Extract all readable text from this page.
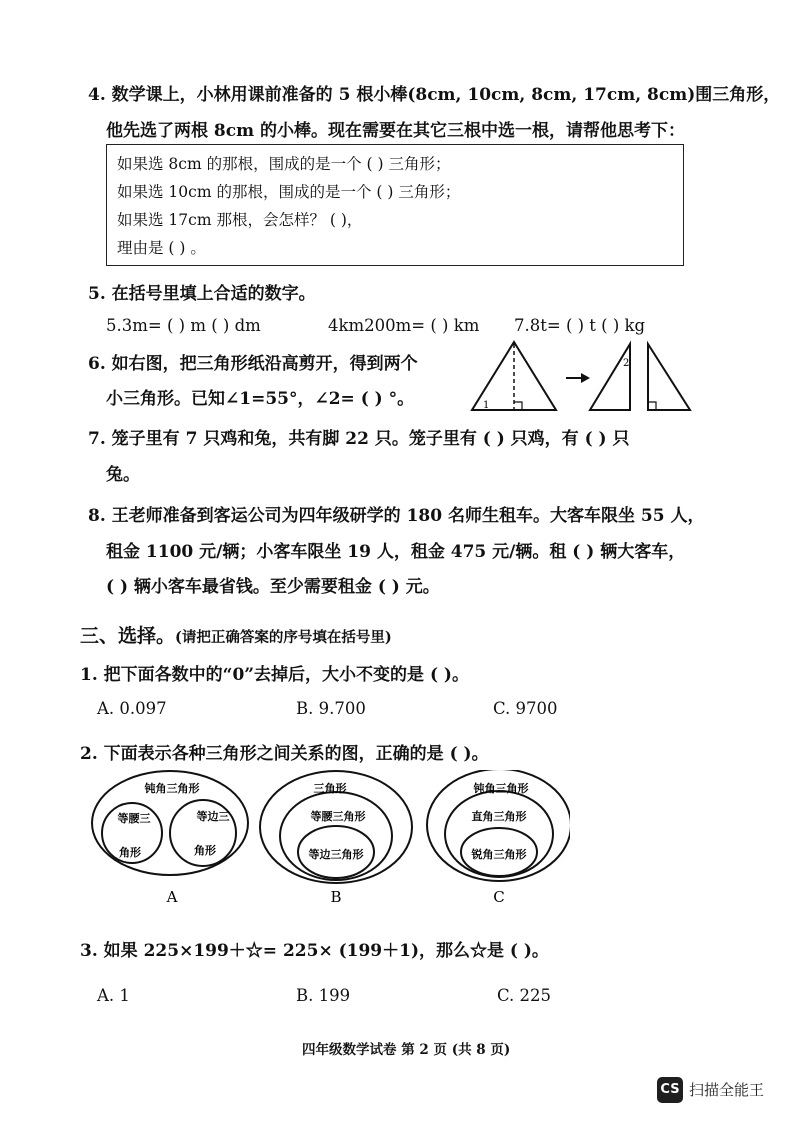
4. 数学课上，小林用课前准备的 5 根小棒(8cm, 10cm, 8cm, 17cm, 8cm)围三角形，
他先选了两根 8cm 的小棒。现在需要在其它三根中选一根，请帮他思考下：
如果选 8cm 的那根，围成的是一个 ( ) 三角形；
如果选 10cm 的那根，围成的是一个 ( ) 三角形；
如果选 17cm 那根，会怎样？ ( )，
理由是 ( ) 。
5. 在括号里填上合适的数字。
5.3m= ( ) m ( ) dm	4km200m= ( ) km 7.8t= ( ) t ( ) kg
6. 如右图，把三角形纸沿高剪开，得到两个
小三角形。已知∠1=55°，∠2= ( ) °。	1
2
7. 笼子里有 7 只鸡和兔，共有脚 22 只。笼子里有 ( ) 只鸡，有 ( ) 只
兔。
8. 王老师准备到客运公司为四年级研学的 180 名师生租车。大客车限坐 55 人，
租金 1100 元/辆；小客车限坐 19 人，租金 475 元/辆。租 ( ) 辆大客车，
( ) 辆小客车最省钱。至少需要租金 ( ) 元。
三、选择。(请把正确答案的序号填在括号里)
1. 把下面各数中的“0”去掉后，大小不变的是 ( )。
A. 0.097	B. 9.700	C. 9700
2. 下面表示各种三角形之间关系的图，正确的是 ( )。
钝角三角形
等腰三
角形
等边三
角形
A
三角形
等腰三角形
等边三角形
B
钝角三角形
直角三角形
锐角三角形
C
3. 如果 225×199＋☆= 225× (199＋1)，那么☆是 ( )。
A. 1	B. 199	C. 225
四年级数学试卷 第 2 页 (共 8 页)
CS 扫描全能王
